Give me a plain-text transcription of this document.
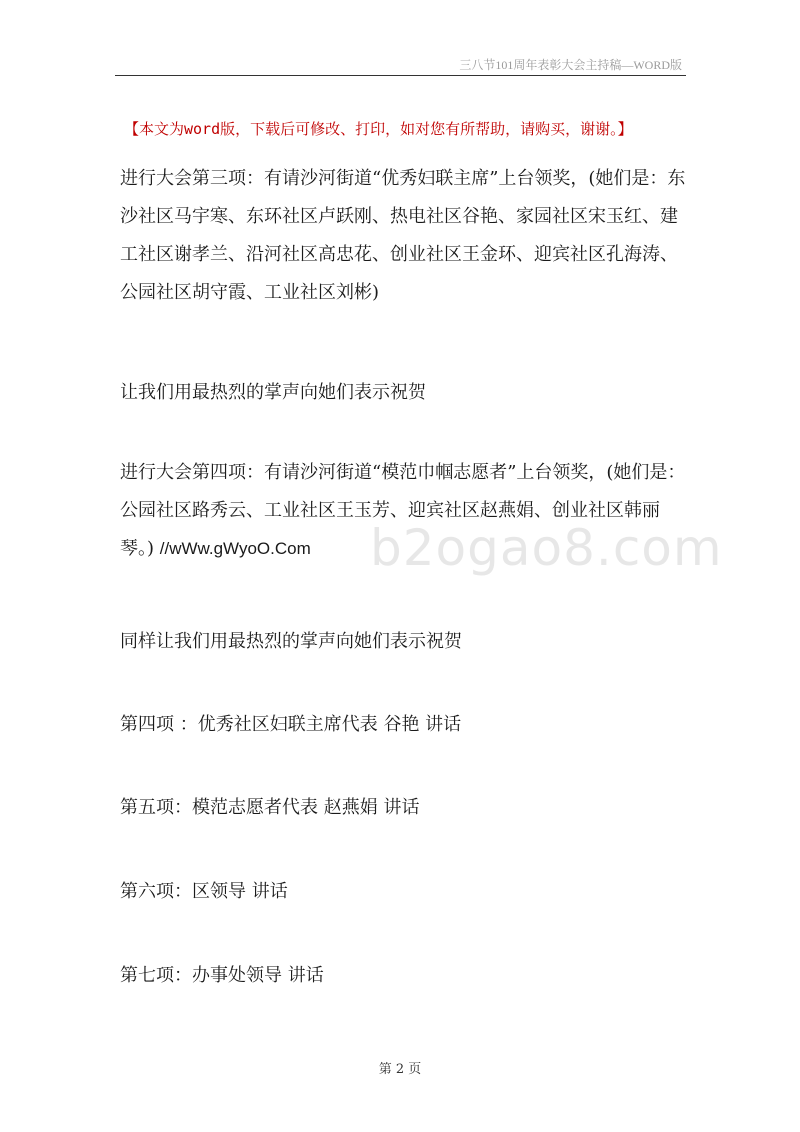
三八节101周年表彰大会主持稿—WORD版
【本文为word版，下载后可修改、打印，如对您有所帮助，请购买，谢谢。】
进行大会第三项：有请沙河街道“优秀妇联主席”上台领奖，(她们是：东沙社区马宇寒、东环社区卢跃刚、热电社区谷艳、家园社区宋玉红、建工社区谢孝兰、沿河社区高忠花、创业社区王金环、迎宾社区孔海涛、公园社区胡守霞、工业社区刘彬)
让我们用最热烈的掌声向她们表示祝贺
进行大会第四项：有请沙河街道“模范巾帼志愿者”上台领奖，(她们是：公园社区路秀云、工业社区王玉芳、迎宾社区赵燕娟、创业社区韩丽琴。) //wWw.gWyoO.Com
同样让我们用最热烈的掌声向她们表示祝贺
第四项 ：优秀社区妇联主席代表 谷艳 讲话
第五项：模范志愿者代表 赵燕娟 讲话
第六项：区领导 讲话
第七项：办事处领导 讲话
b2ogao8.com
第 2 页
